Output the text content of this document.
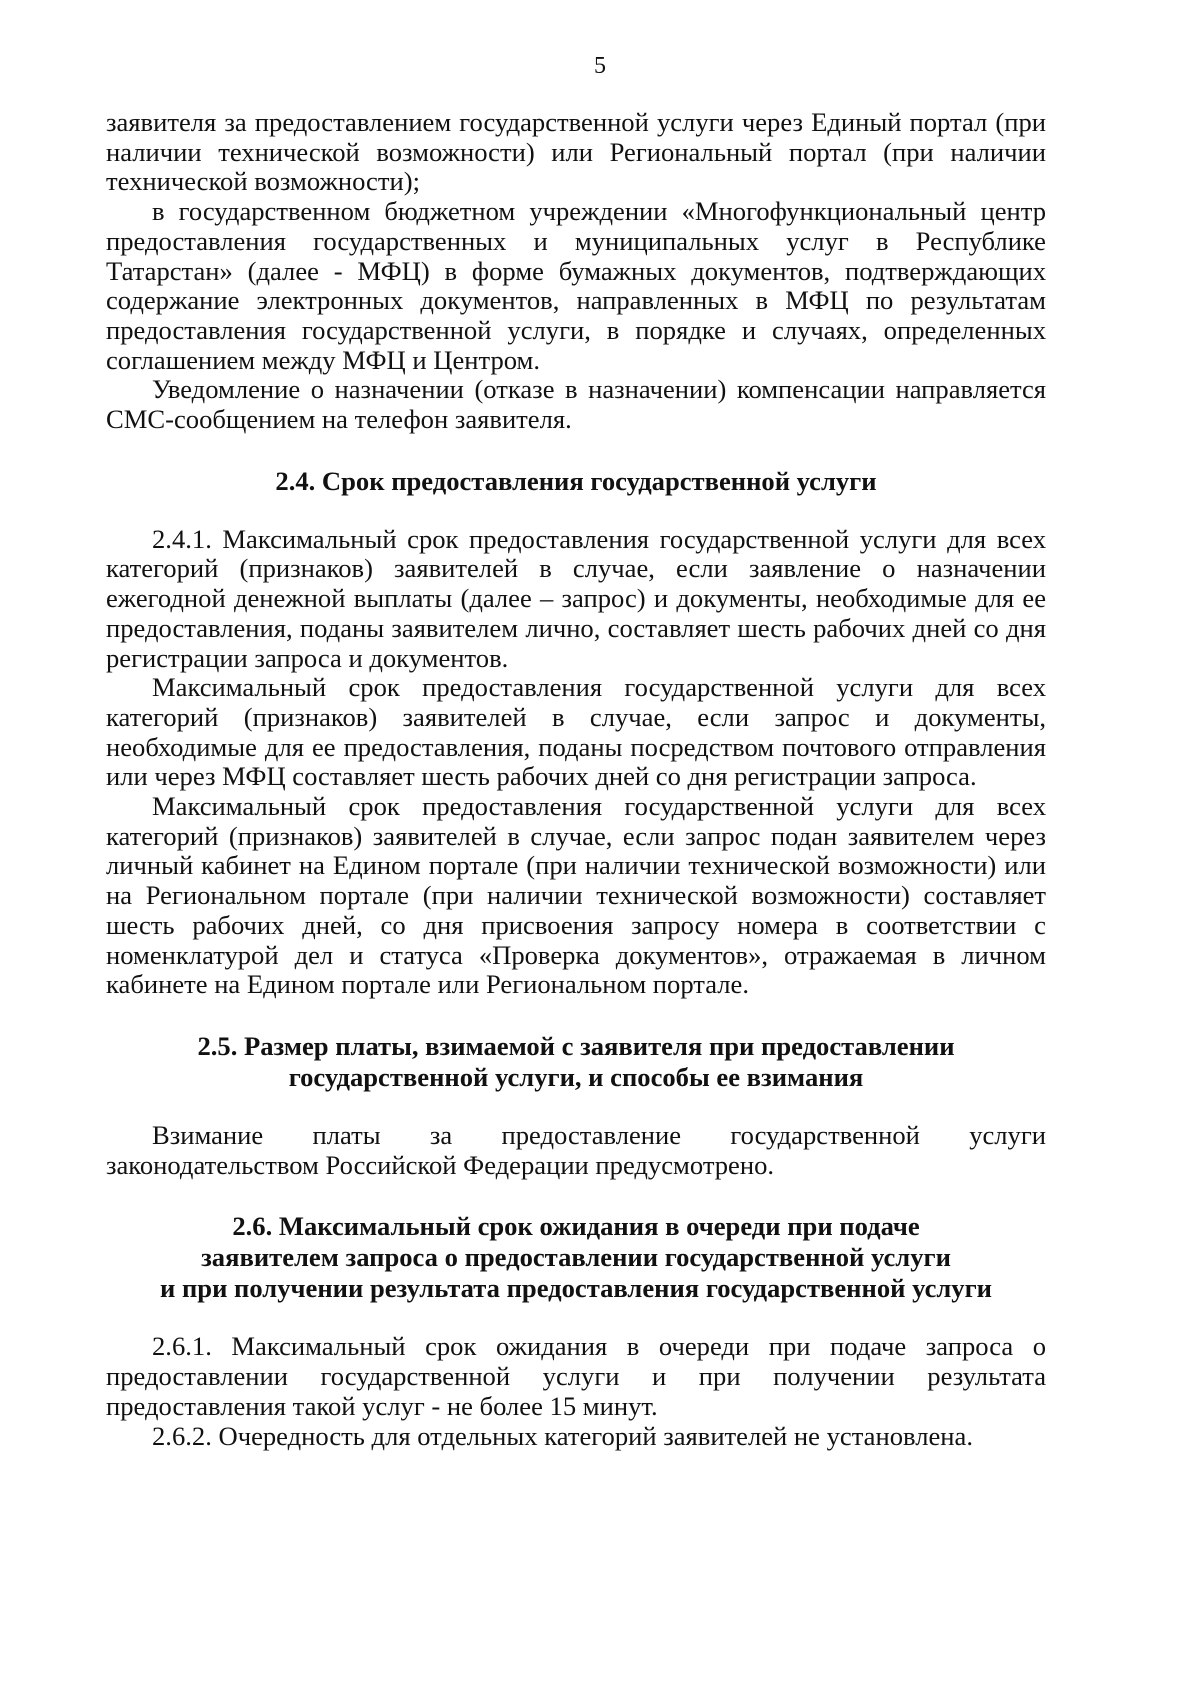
5

заявителя за предоставлением государственной услуги через Единый портал (при наличии технической возможности) или Региональный портал (при наличии технической возможности);

в государственном бюджетном учреждении «Многофункциональный центр предоставления государственных и муниципальных услуг в Республике Татарстан» (далее - МФЦ) в форме бумажных документов, подтверждающих содержание электронных документов, направленных в МФЦ по результатам предоставления государственной услуги, в порядке и случаях, определенных соглашением между МФЦ и Центром.

Уведомление о назначении (отказе в назначении) компенсации направляется СМС-сообщением на телефон заявителя.

2.4. Срок предоставления государственной услуги

2.4.1. Максимальный срок предоставления государственной услуги для всех категорий (признаков) заявителей в случае, если заявление о назначении ежегодной денежной выплаты (далее – запрос) и документы, необходимые для ее предоставления, поданы заявителем лично, составляет шесть рабочих дней со дня регистрации запроса и документов.

Максимальный срок предоставления государственной услуги для всех категорий (признаков) заявителей в случае, если запрос и документы, необходимые для ее предоставления, поданы посредством почтового отправления или через МФЦ составляет шесть рабочих дней со дня регистрации запроса.

Максимальный срок предоставления государственной услуги для всех категорий (признаков) заявителей в случае, если запрос подан заявителем через личный кабинет на Едином портале (при наличии технической возможности) или на Региональном портале (при наличии технической возможности) составляет шесть рабочих дней, со дня присвоения запросу номера в соответствии с номенклатурой дел и статуса «Проверка документов», отражаемая в личном кабинете на Едином портале или Региональном портале.

2.5. Размер платы, взимаемой с заявителя при предоставлении
государственной услуги, и способы ее взимания

Взимание платы за предоставление государственной услуги законодательством Российской Федерации предусмотрено.

2.6. Максимальный срок ожидания в очереди при подаче
заявителем запроса о предоставлении государственной услуги
и при получении результата предоставления государственной услуги

2.6.1. Максимальный срок ожидания в очереди при подаче запроса о предоставлении государственной услуги и при получении результата предоставления такой услуг - не более 15 минут.

2.6.2. Очередность для отдельных категорий заявителей не установлена.
